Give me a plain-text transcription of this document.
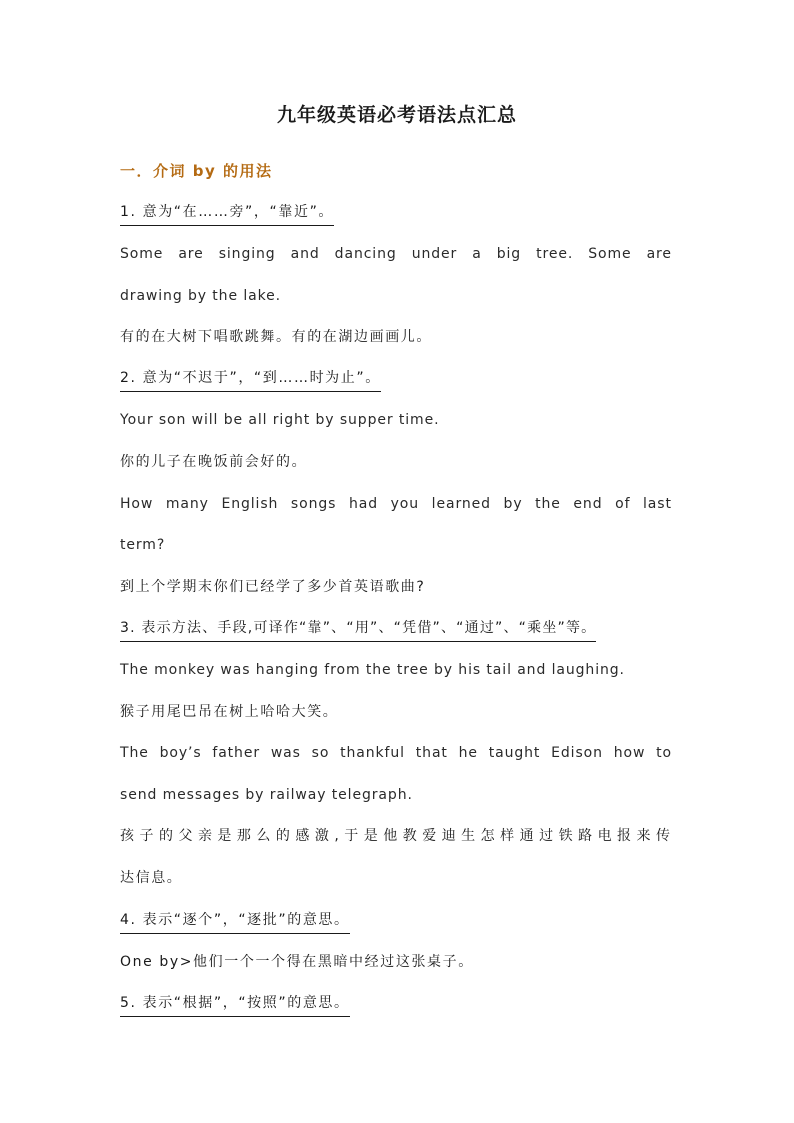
九年级英语必考语法点汇总
一．介词 by 的用法
1. 意为“在……旁”，“靠近”。
Some are singing and dancing under a big tree. Some are
drawing by the lake.
有的在大树下唱歌跳舞。有的在湖边画画儿。
2. 意为“不迟于”，“到……时为止”。
Your son will be all right by supper time.
你的儿子在晚饭前会好的。
How many English songs had you learned by the end of last
term?
到上个学期末你们已经学了多少首英语歌曲?
3. 表示方法、手段,可译作“靠”、“用”、“凭借”、“通过”、“乘坐”等。
The monkey was hanging from the tree by his tail and laughing.
猴子用尾巴吊在树上哈哈大笑。
The boy’s father was so thankful that he taught Edison how to
send messages by railway telegraph.
孩 子 的 父 亲 是 那 么 的 感 激 , 于 是 他 教 爱 迪 生 怎 样 通 过 铁 路 电 报 来 传
达信息。
4. 表示“逐个”，“逐批”的意思。
One by>他们一个一个得在黑暗中经过这张桌子。
5. 表示“根据”，“按照”的意思。
